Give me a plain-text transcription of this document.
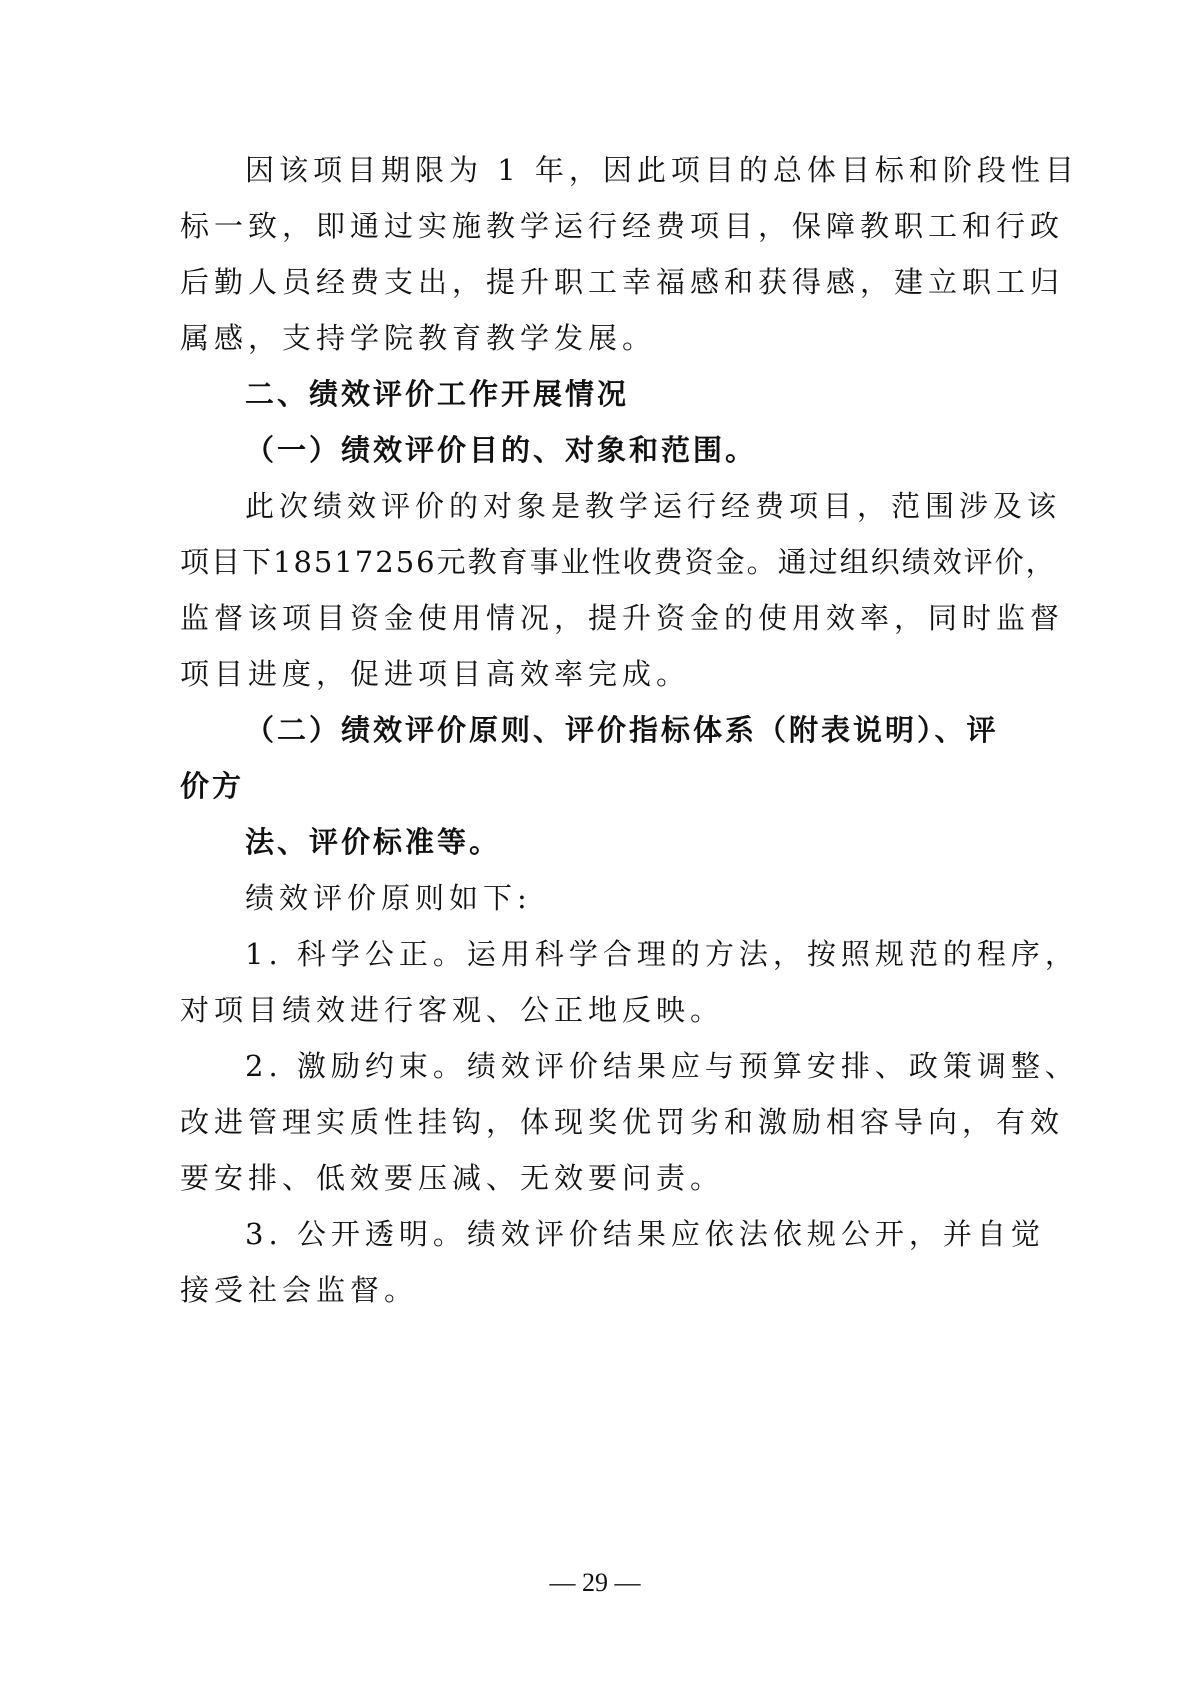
因该项目期限为 1 年，因此项目的总体目标和阶段性目
标一致，即通过实施教学运行经费项目，保障教职工和行政
后勤人员经费支出，提升职工幸福感和获得感，建立职工归
属感，支持学院教育教学发展。
二、绩效评价工作开展情况
（一）绩效评价目的、对象和范围。
此次绩效评价的对象是教学运行经费项目，范围涉及该
项目下18517256元教育事业性收费资金。通过组织绩效评价，
监督该项目资金使用情况，提升资金的使用效率，同时监督
项目进度，促进项目高效率完成。
（二）绩效评价原则、评价指标体系（附表说明）、评
价方
法、评价标准等。
绩效评价原则如下:
1. 科学公正。运用科学合理的方法，按照规范的程序，
对项目绩效进行客观、公正地反映。
2. 激励约束。绩效评价结果应与预算安排、政策调整、
改进管理实质性挂钩，体现奖优罚劣和激励相容导向，有效
要安排、低效要压减、无效要问责。
3. 公开透明。绩效评价结果应依法依规公开，并自觉
接受社会监督。
— 29 —
